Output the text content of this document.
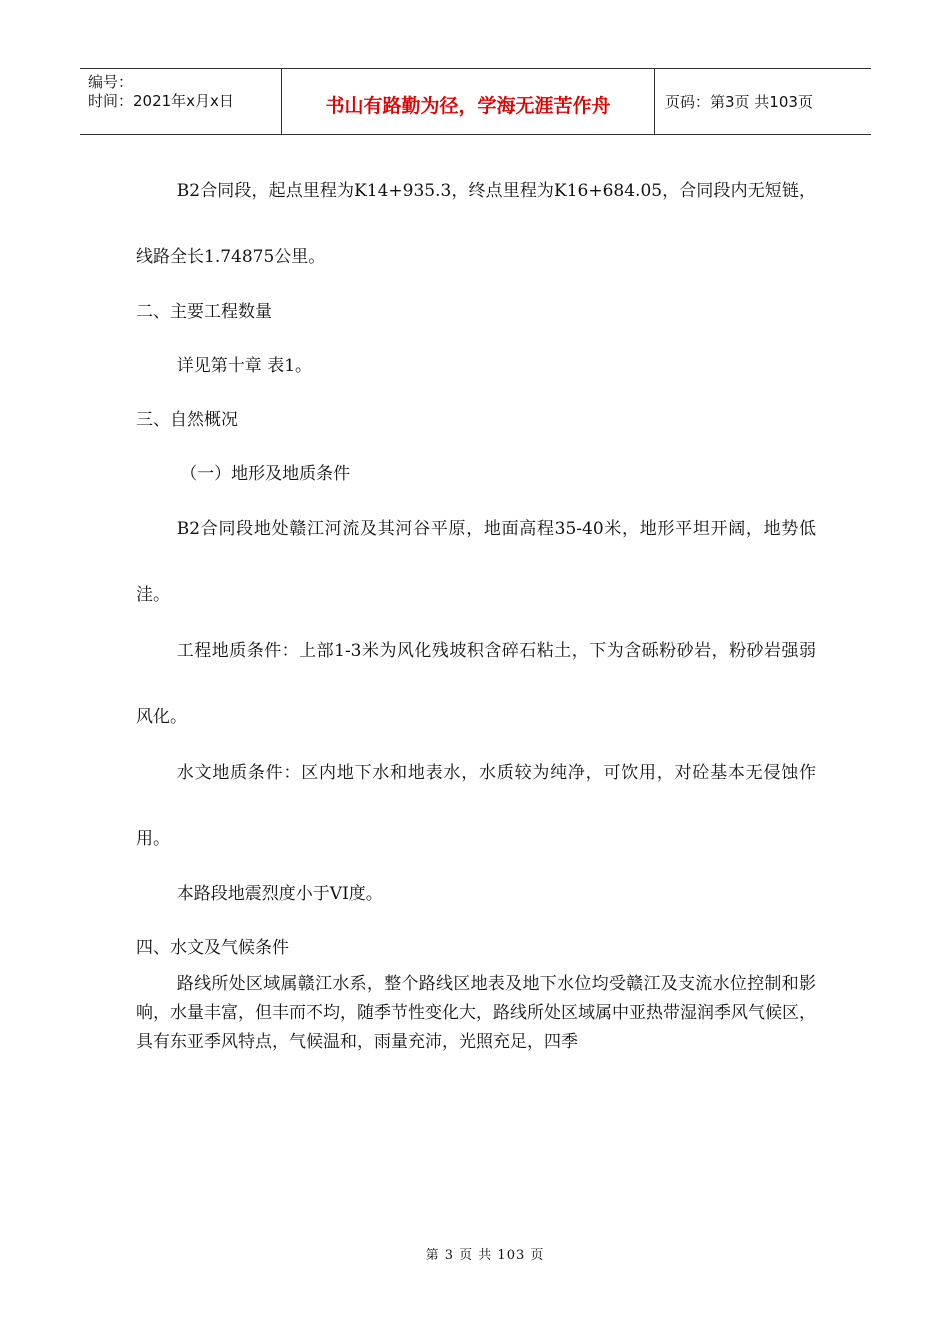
编号：
时间：2021年x月x日	书山有路勤为径，学海无涯苦作舟	页码：第3页 共103页

B2合同段，起点里程为K14+935.3，终点里程为K16+684.05，合同段内无短链，线路全长1.74875公里。

二、主要工程数量

详见第十章 表1。

三、自然概况

（一）地形及地质条件

B2合同段地处赣江河流及其河谷平原，地面高程35-40米，地形平坦开阔，地势低洼。

工程地质条件：上部1-3米为风化残坡积含碎石粘土，下为含砾粉砂岩，粉砂岩强弱风化。

水文地质条件：区内地下水和地表水，水质较为纯净，可饮用，对砼基本无侵蚀作用。

本路段地震烈度小于VI度。

四、水文及气候条件

路线所处区域属赣江水系，整个路线区地表及地下水位均受赣江及支流水位控制和影响，水量丰富，但丰而不均，随季节性变化大，路线所处区域属中亚热带湿润季风气候区，具有东亚季风特点，气候温和，雨量充沛，光照充足，四季

第 3 页 共 103 页
